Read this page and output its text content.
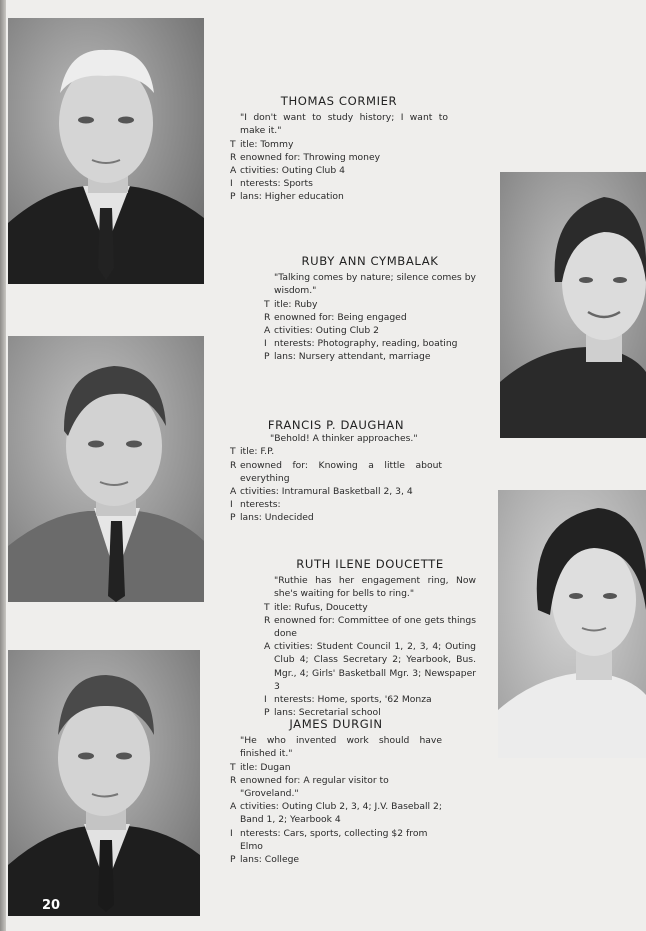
THOMAS CORMIER
"I don't want to study history; I want to make it."
T itle: Tommy
R enowned for: Throwing money
A ctivities: Outing Club 4
I nterests: Sports
P lans: Higher education
RUBY ANN CYMBALAK
"Talking comes by nature; silence comes by wisdom."
T itle: Ruby
R enowned for: Being engaged
A ctivities: Outing Club 2
I nterests: Photography, reading, boating
P lans: Nursery attendant, marriage
FRANCIS P. DAUGHAN
"Behold! A thinker approaches."
T itle: F.P.
R enowned for: Knowing a little about everything
A ctivities: Intramural Basketball 2, 3, 4
I nterests:
P lans: Undecided
RUTH ILENE DOUCETTE
"Ruthie has her engagement ring, Now she's waiting for bells to ring."
T itle: Rufus, Doucetty
R enowned for: Committee of one gets things done
A ctivities: Student Council 1, 2, 3, 4; Outing Club 4; Class Secretary 2; Yearbook, Bus. Mgr., 4; Girls' Basketball Mgr. 3; Newspaper 3
I nterests: Home, sports, '62 Monza
P lans: Secretarial school
JAMES DURGIN
"He who invented work should have finished it."
T itle: Dugan
R enowned for: A regular visitor to "Groveland."
A ctivities: Outing Club 2, 3, 4; J.V. Baseball 2; Band 1, 2; Yearbook 4
I nterests: Cars, sports, collecting $2 from Elmo
P lans: College
20
